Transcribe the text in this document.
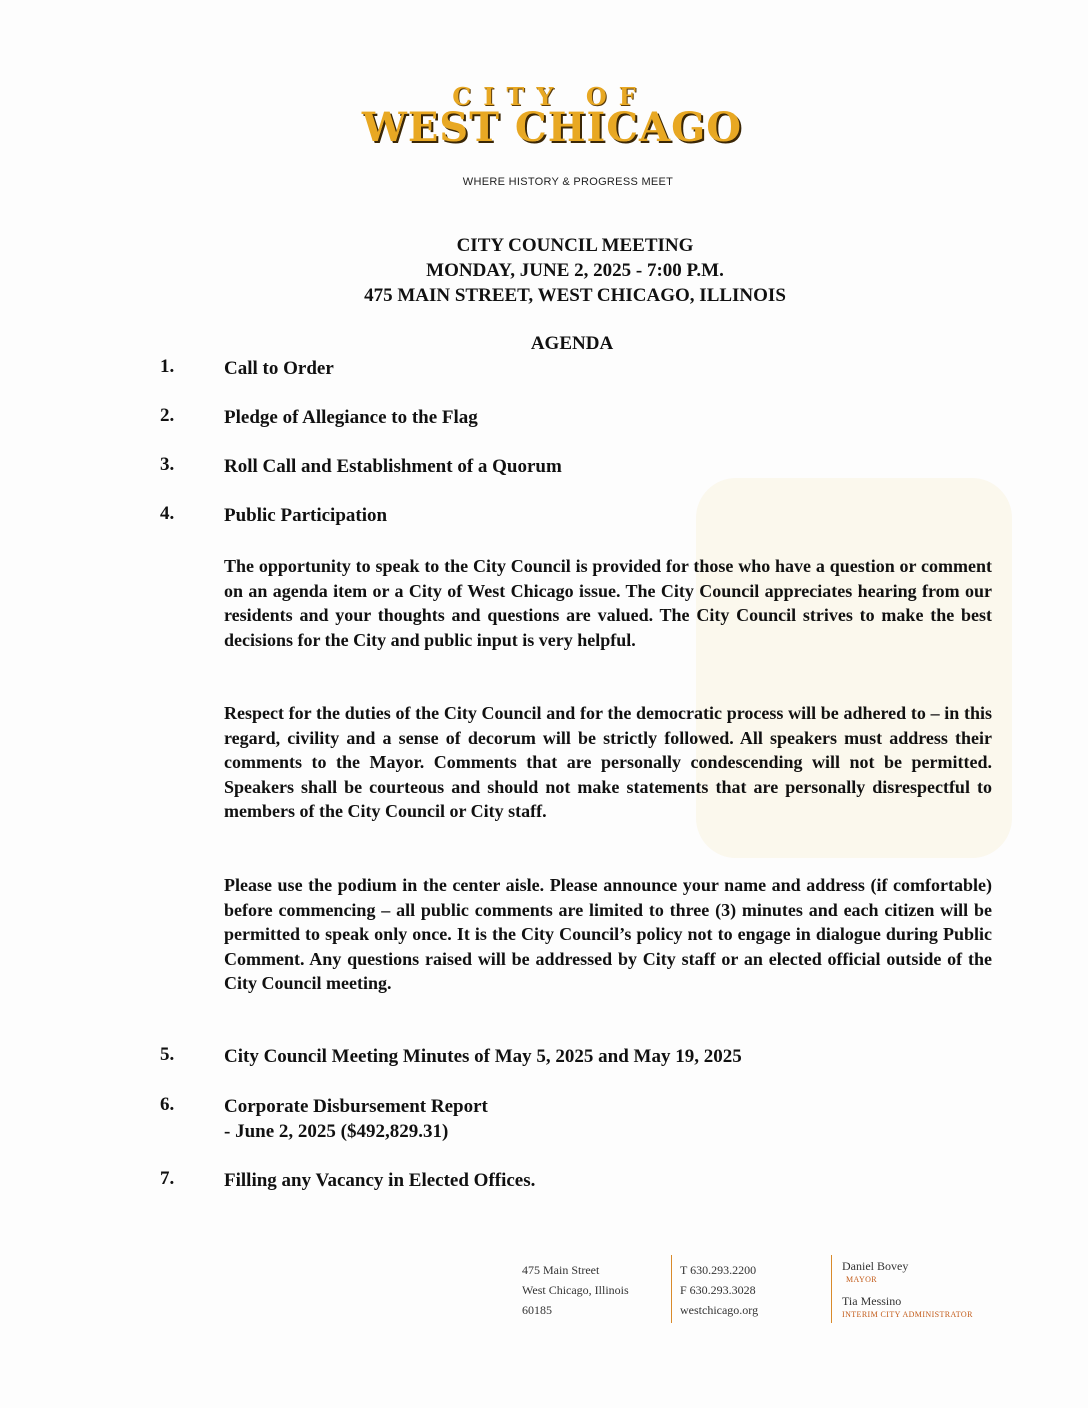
CITY OF
WEST CHICAGO
WHERE HISTORY & PROGRESS MEET
CITY COUNCIL MEETING
MONDAY, JUNE 2, 2025 - 7:00 P.M.
475 MAIN STREET, WEST CHICAGO, ILLINOIS
AGENDA
1.	Call to Order
2.	Pledge of Allegiance to the Flag
3.	Roll Call and Establishment of a Quorum
4.	Public Participation
The opportunity to speak to the City Council is provided for those who have a question or comment on an agenda item or a City of West Chicago issue. The City Council appreciates hearing from our residents and your thoughts and questions are valued. The City Council strives to make the best decisions for the City and public input is very helpful.
Respect for the duties of the City Council and for the democratic process will be adhered to – in this regard, civility and a sense of decorum will be strictly followed. All speakers must address their comments to the Mayor. Comments that are personally condescending will not be permitted. Speakers shall be courteous and should not make statements that are personally disrespectful to members of the City Council or City staff.
Please use the podium in the center aisle. Please announce your name and address (if comfortable) before commencing – all public comments are limited to three (3) minutes and each citizen will be permitted to speak only once. It is the City Council’s policy not to engage in dialogue during Public Comment. Any questions raised will be addressed by City staff or an elected official outside of the City Council meeting.
5.	City Council Meeting Minutes of May 5, 2025 and May 19, 2025
6.	Corporate Disbursement Report
- June 2, 2025 ($492,829.31)
7.	Filling any Vacancy in Elected Offices.
475 Main Street
West Chicago, Illinois
60185
T 630.293.2200
F 630.293.3028
westchicago.org
Daniel Bovey
MAYOR
Tia Messino
INTERIM CITY ADMINISTRATOR
